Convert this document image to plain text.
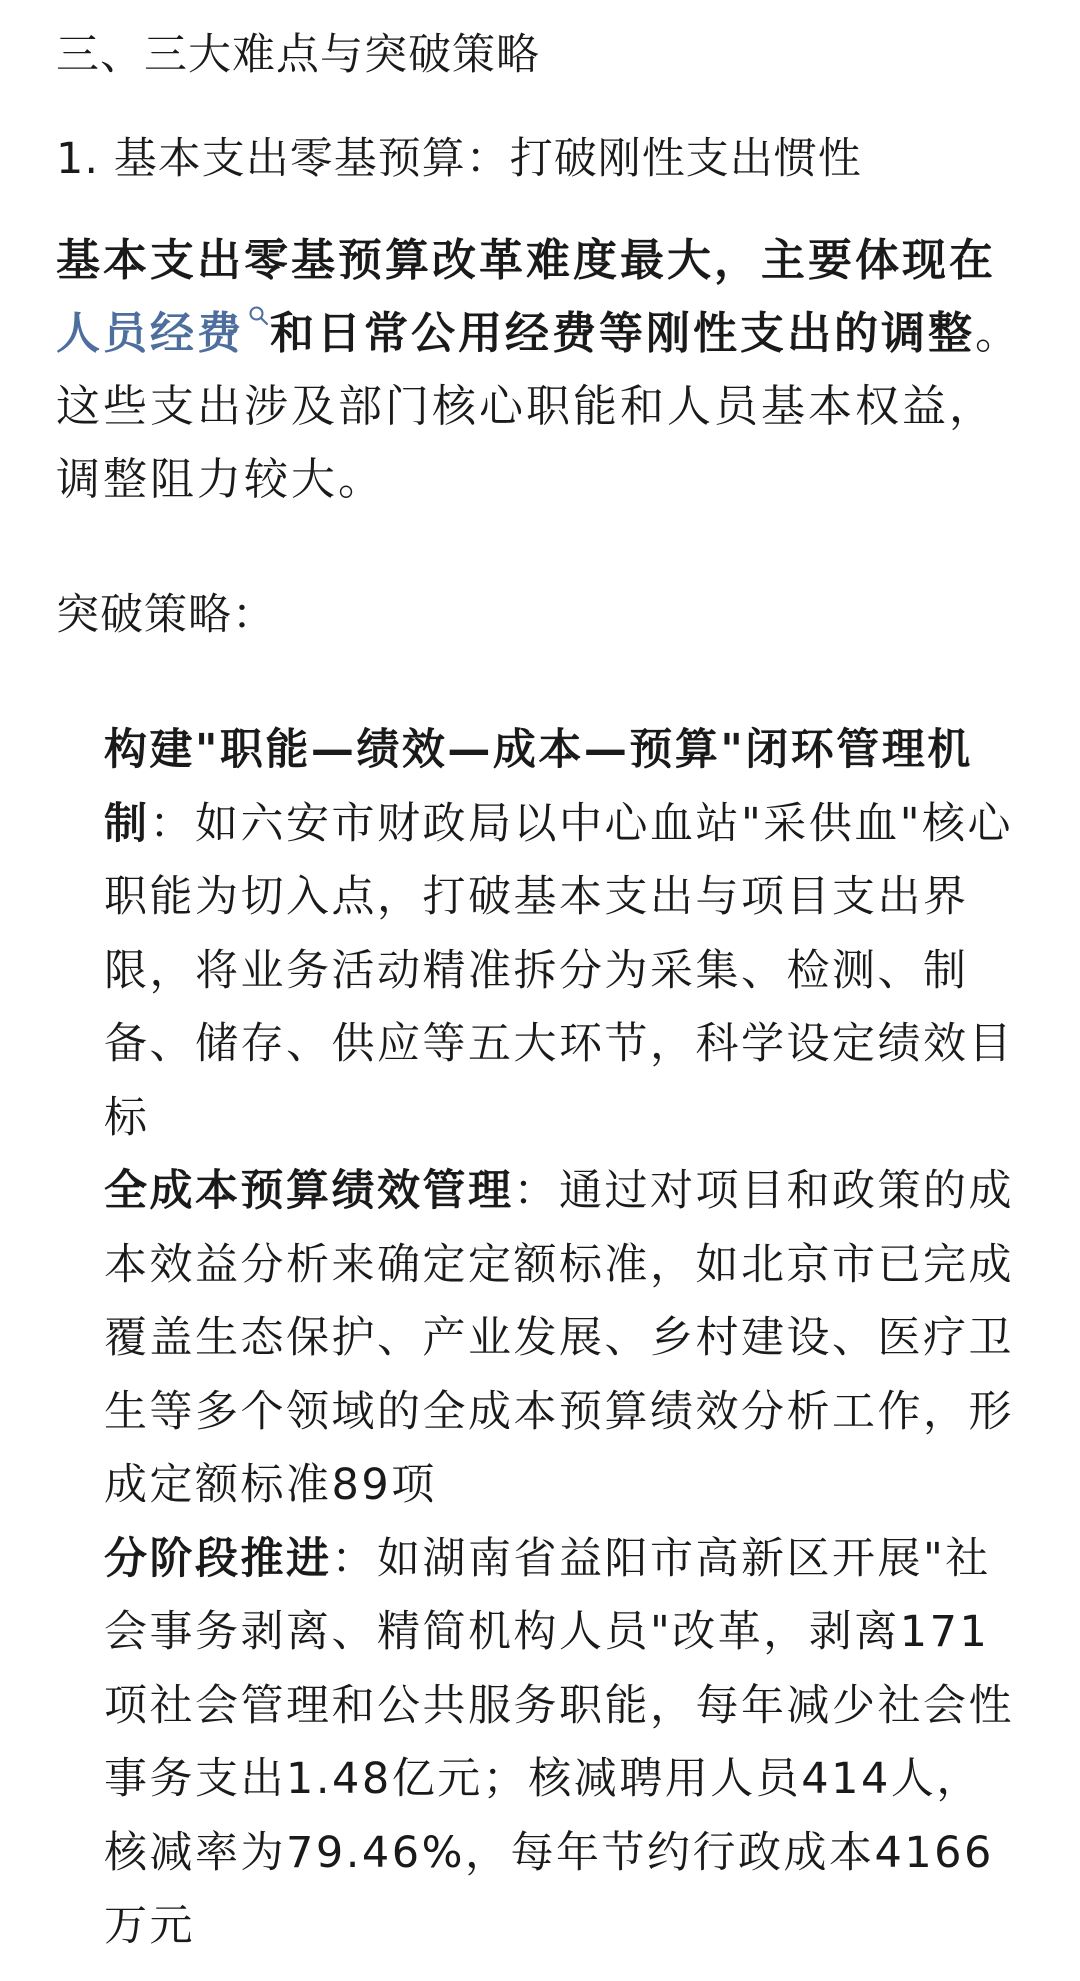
三、三大难点与突破策略

1. 基本支出零基预算：打破刚性支出惯性

基本支出零基预算改革难度最大，主要体现在人员经费 和日常公用经费等刚性支出的调整。这些支出涉及部门核心职能和人员基本权益，调整阻力较大。

突破策略：

构建"职能—绩效—成本—预算"闭环管理机制：如六安市财政局以中心血站"采供血"核心职能为切入点，打破基本支出与项目支出界限，将业务活动精准拆分为采集、检测、制备、储存、供应等五大环节，科学设定绩效目标
全成本预算绩效管理：通过对项目和政策的成本效益分析来确定定额标准，如北京市已完成覆盖生态保护、产业发展、乡村建设、医疗卫生等多个领域的全成本预算绩效分析工作，形成定额标准89项
分阶段推进：如湖南省益阳市高新区开展"社会事务剥离、精简机构人员"改革，剥离171项社会管理和公共服务职能，每年减少社会性事务支出1.48亿元；核减聘用人员414人，核减率为79.46%，每年节约行政成本4166万元
